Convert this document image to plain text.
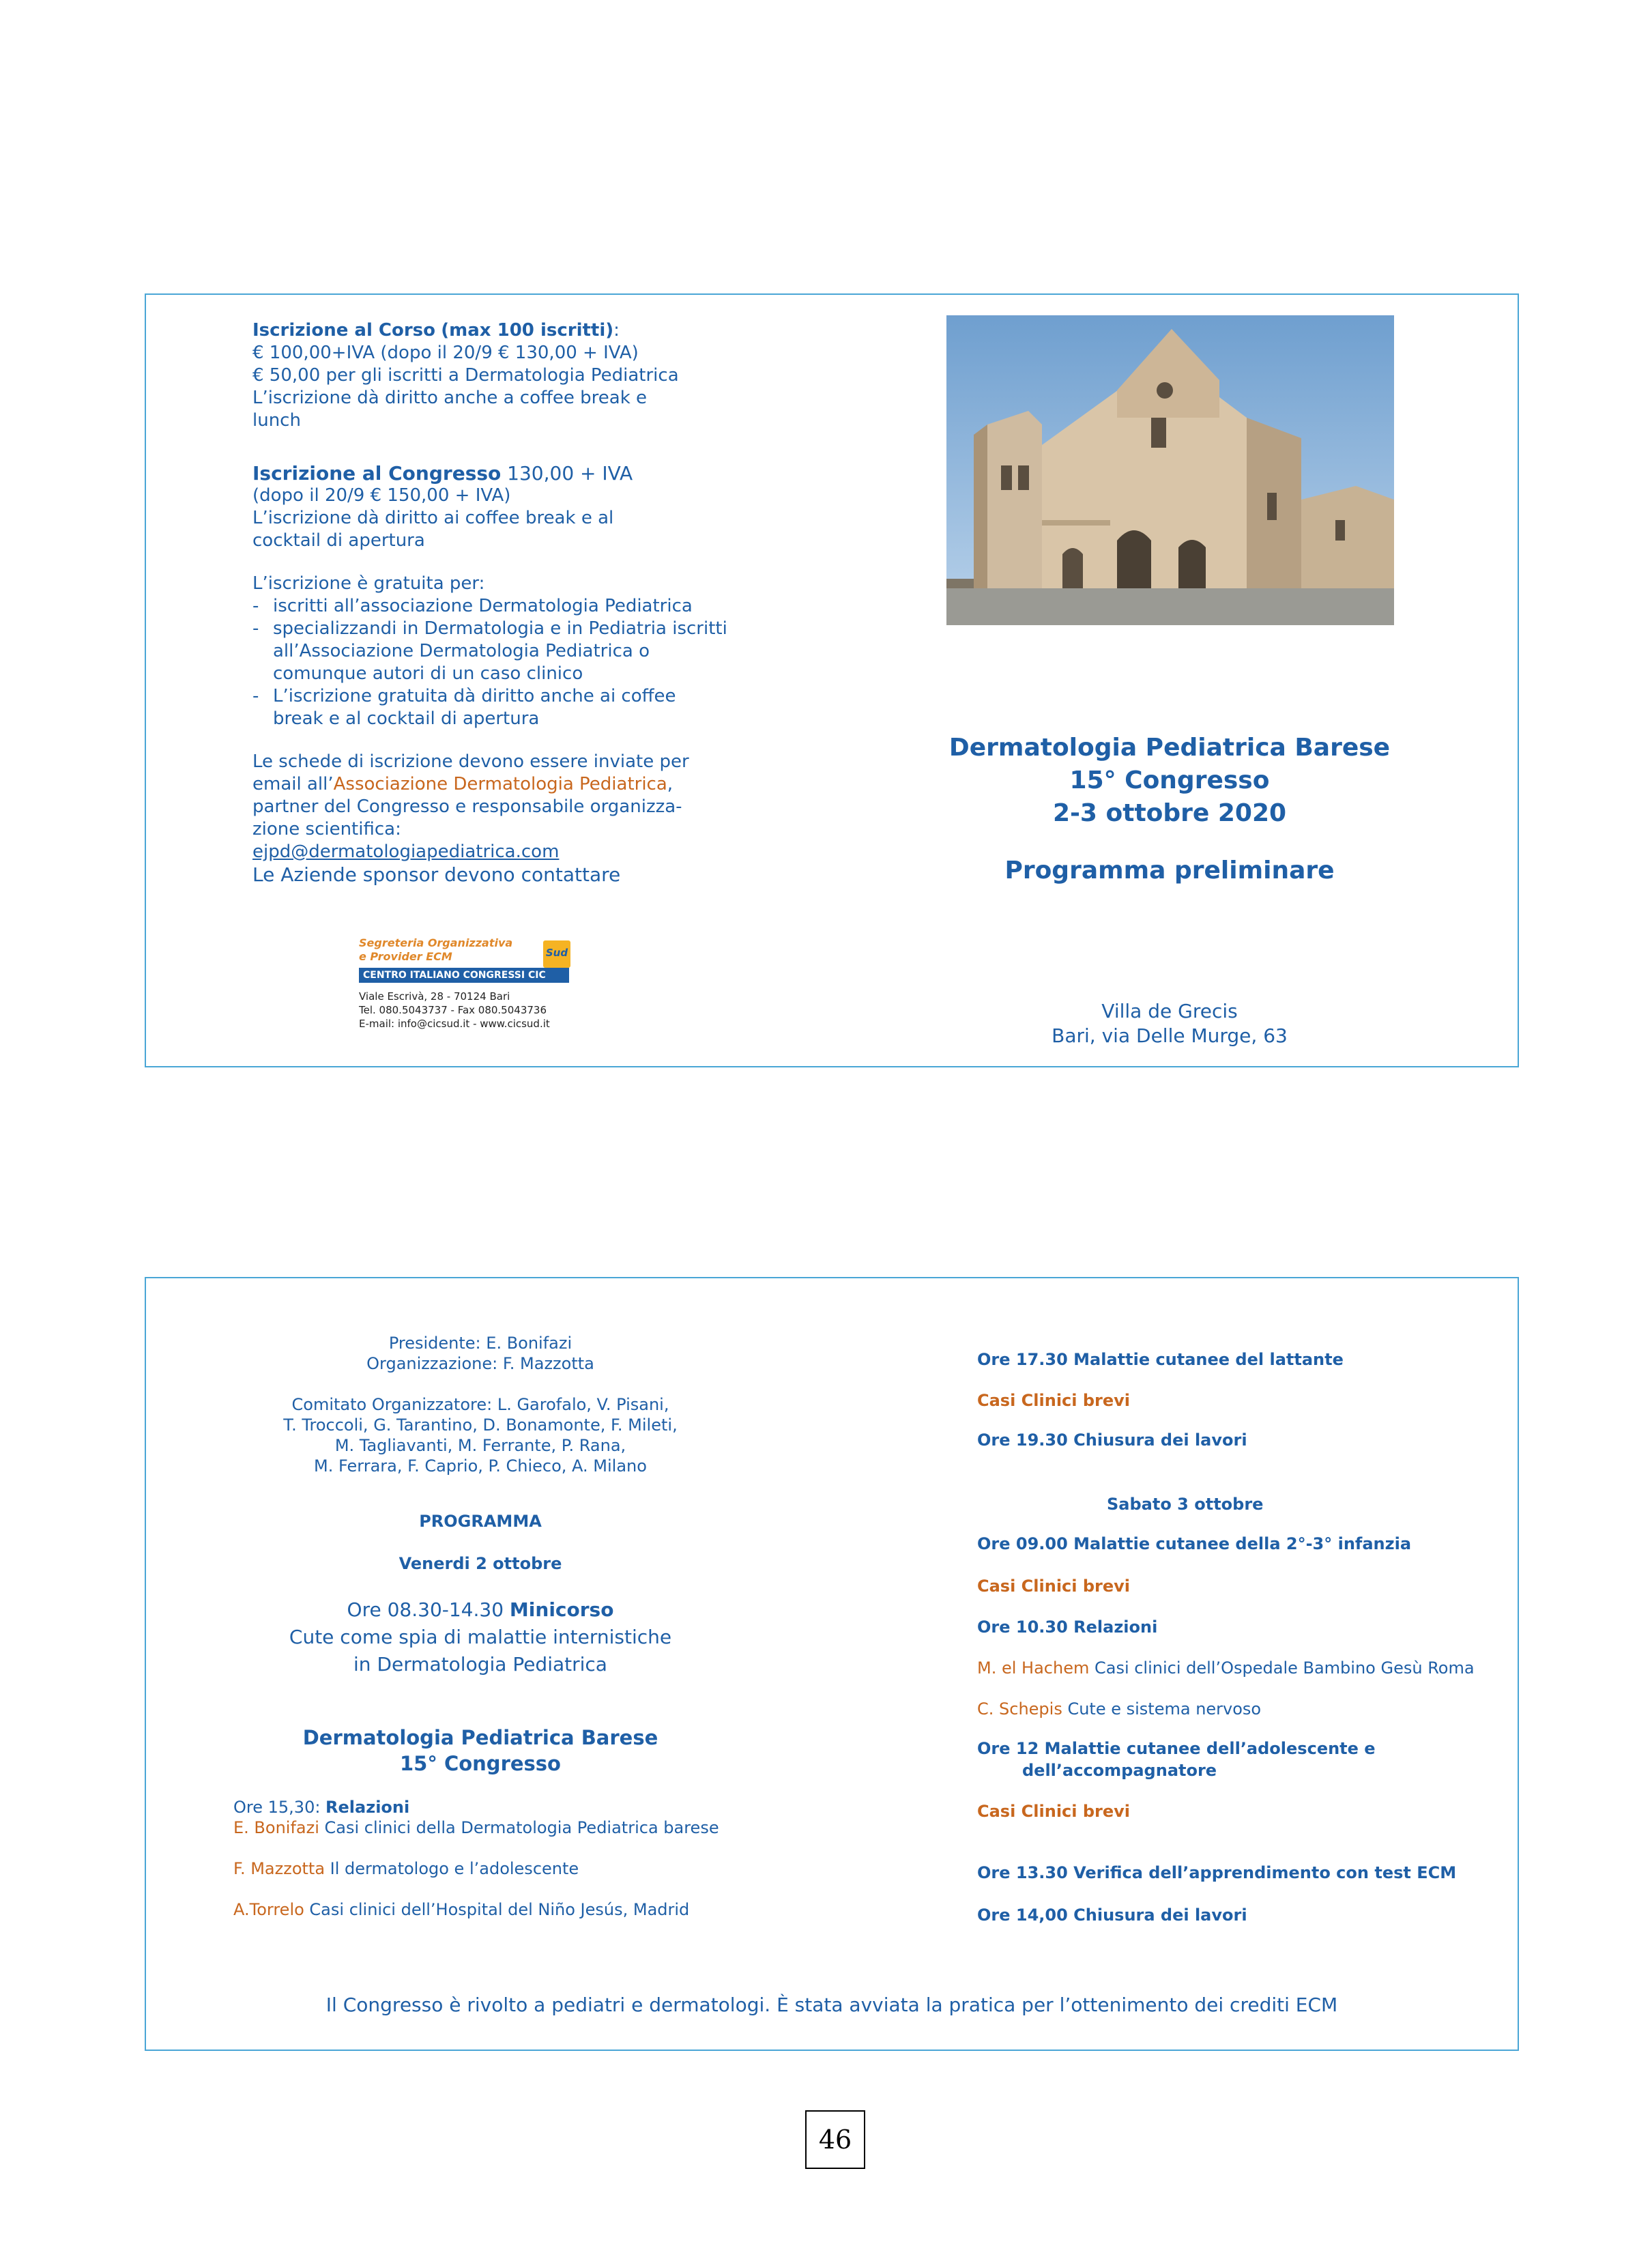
Iscrizione al Corso (max 100 iscritti):

€ 100,00+IVA (dopo il 20/9 € 130,00 + IVA)

€ 50,00 per gli iscritti a Dermatologia Pediatrica

L’iscrizione dà diritto anche a coffee break e

lunch

Iscrizione al Congresso 130,00 + IVA

(dopo il 20/9 € 150,00 + IVA)

L’iscrizione dà diritto ai coffee break e al

cocktail di apertura

L’iscrizione è gratuita per:

- iscritti all’associazione Dermatologia Pediatrica

- specializzandi in Dermatologia e in Pediatria iscritti all’Associazione Dermatologia Pediatrica o comunque autori di un caso clinico

- L’iscrizione gratuita dà diritto anche ai coffee break e al cocktail di apertura

Le schede di iscrizione devono essere inviate per

email all’Associazione Dermatologia Pediatrica,

partner del Congresso e responsabile organizza-

zione scientifica:

ejpd@dermatologiapediatrica.com

Le Aziende sponsor devono contattare

Segreteria Organizzativa
e Provider ECM	Sud
CENTRO ITALIANO CONGRESSI CIC
Viale Escrivà, 28 - 70124 Bari
Tel. 080.5043737 - Fax 080.5043736
E-mail: info@cicsud.it - www.cicsud.it
Dermatologia Pediatrica Barese
15° Congresso
2-3 ottobre 2020
Programma preliminare
Villa de Grecis
Bari, via Delle Murge, 63
Presidente: E. Bonifazi
Organizzazione: F. Mazzotta
Comitato Organizzatore: L. Garofalo, V. Pisani,
T. Troccoli, G. Tarantino, D. Bonamonte, F. Mileti,
M. Tagliavanti, M. Ferrante, P. Rana,
M. Ferrara, F. Caprio, P. Chieco, A. Milano
PROGRAMMA
Venerdi 2 ottobre
Ore 08.30-14.30 Minicorso
Cute come spia di malattie internistiche
in Dermatologia Pediatrica
Dermatologia Pediatrica Barese
15° Congresso

Ore 15,30: Relazioni

E. Bonifazi Casi clinici della Dermatologia Pediatrica barese

F. Mazzotta Il dermatologo e l’adolescente

A.Torrelo Casi clinici dell’Hospital del Niño Jesús, Madrid

Ore 17.30 Malattie cutanee del lattante
Casi Clinici brevi
Ore 19.30 Chiusura dei lavori
Sabato 3 ottobre
Ore 09.00 Malattie cutanee della 2°-3° infanzia
Casi Clinici brevi
Ore 10.30 Relazioni
M. el Hachem Casi clinici dell’Ospedale Bambino Gesù Roma
C. Schepis Cute e sistema nervoso
Ore 12 Malattie cutanee dell’adolescente e
dell’accompagnatore
Casi Clinici brevi
Ore 13.30 Verifica dell’apprendimento con test ECM
Ore 14,00 Chiusura dei lavori
Il Congresso è rivolto a pediatri e dermatologi. È stata avviata la pratica per l’ottenimento dei crediti ECM
46
